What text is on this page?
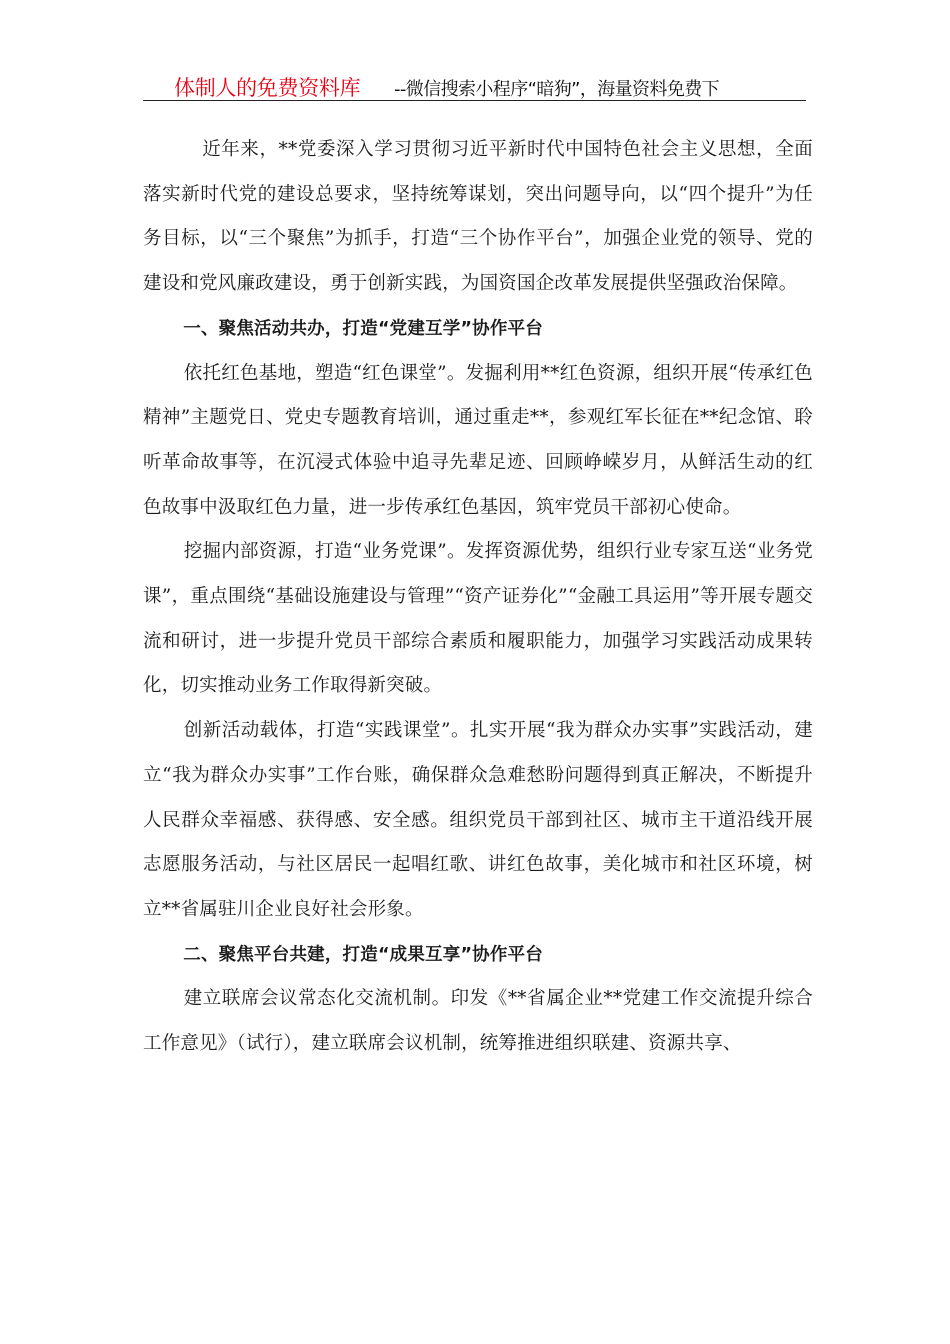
体制人的免费资料库 --微信搜索小程序“暗狗”，海量资料免费下

近年来，**党委深入学习贯彻习近平新时代中国特色社会主义思想，全面落实新时代党的建设总要求，坚持统筹谋划，突出问题导向，以“四个提升”为任务目标，以“三个聚焦”为抓手，打造“三个协作平台”，加强企业党的领导、党的建设和党风廉政建设，勇于创新实践，为国资国企改革发展提供坚强政治保障。

一、聚焦活动共办，打造“党建互学”协作平台

依托红色基地，塑造“红色课堂”。发掘利用**红色资源，组织开展“传承红色精神”主题党日、党史专题教育培训，通过重走**，参观红军长征在**纪念馆、聆听革命故事等，在沉浸式体验中追寻先辈足迹、回顾峥嵘岁月，从鲜活生动的红色故事中汲取红色力量，进一步传承红色基因，筑牢党员干部初心使命。

挖掘内部资源，打造“业务党课”。发挥资源优势，组织行业专家互送“业务党课”，重点围绕“基础设施建设与管理”“资产证券化”“金融工具运用”等开展专题交流和研讨，进一步提升党员干部综合素质和履职能力，加强学习实践活动成果转化，切实推动业务工作取得新突破。

创新活动载体，打造“实践课堂”。扎实开展“我为群众办实事”实践活动，建立“我为群众办实事”工作台账，确保群众急难愁盼问题得到真正解决，不断提升人民群众幸福感、获得感、安全感。组织党员干部到社区、城市主干道沿线开展志愿服务活动，与社区居民一起唱红歌、讲红色故事，美化城市和社区环境，树立**省属驻川企业良好社会形象。

二、聚焦平台共建，打造“成果互享”协作平台

建立联席会议常态化交流机制。印发《**省属企业**党建工作交流提升综合工作意见》（试行），建立联席会议机制，统筹推进组织联建、资源共享、
